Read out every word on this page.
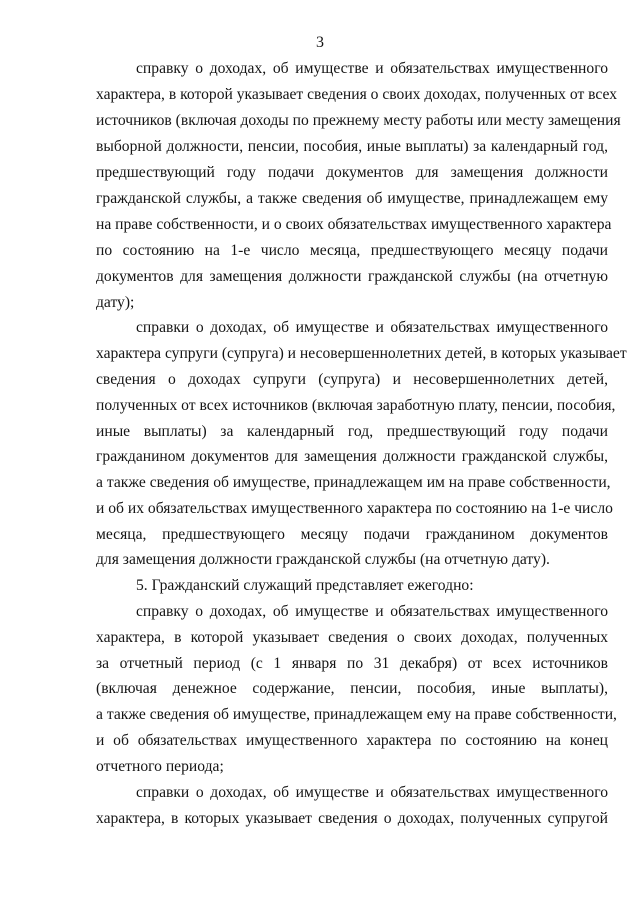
3
справку о доходах, об имуществе и обязательствах имущественного
характера, в которой указывает сведения о своих доходах, полученных от всех
источников (включая доходы по прежнему месту работы или месту замещения
выборной должности, пенсии, пособия, иные выплаты) за календарный год,
предшествующий году подачи документов для замещения должности
гражданской службы, а также сведения об имуществе, принадлежащем ему
на праве собственности, и о своих обязательствах имущественного характера
по состоянию на 1-е число месяца, предшествующего месяцу подачи
документов для замещения должности гражданской службы (на отчетную
дату);
справки о доходах, об имуществе и обязательствах имущественного
характера супруги (супруга) и несовершеннолетних детей, в которых указывает
сведения о доходах супруги (супруга) и несовершеннолетних детей,
полученных от всех источников (включая заработную плату, пенсии, пособия,
иные выплаты) за календарный год, предшествующий году подачи
гражданином документов для замещения должности гражданской службы,
а также сведения об имуществе, принадлежащем им на праве собственности,
и об их обязательствах имущественного характера по состоянию на 1-е число
месяца, предшествующего месяцу подачи гражданином документов
для замещения должности гражданской службы (на отчетную дату).
5. Гражданский служащий представляет ежегодно:
справку о доходах, об имуществе и обязательствах имущественного
характера, в которой указывает сведения о своих доходах, полученных
за отчетный период (с 1 января по 31 декабря) от всех источников
(включая денежное содержание, пенсии, пособия, иные выплаты),
а также сведения об имуществе, принадлежащем ему на праве собственности,
и об обязательствах имущественного характера по состоянию на конец
отчетного периода;
справки о доходах, об имуществе и обязательствах имущественного
характера, в которых указывает сведения о доходах, полученных супругой
